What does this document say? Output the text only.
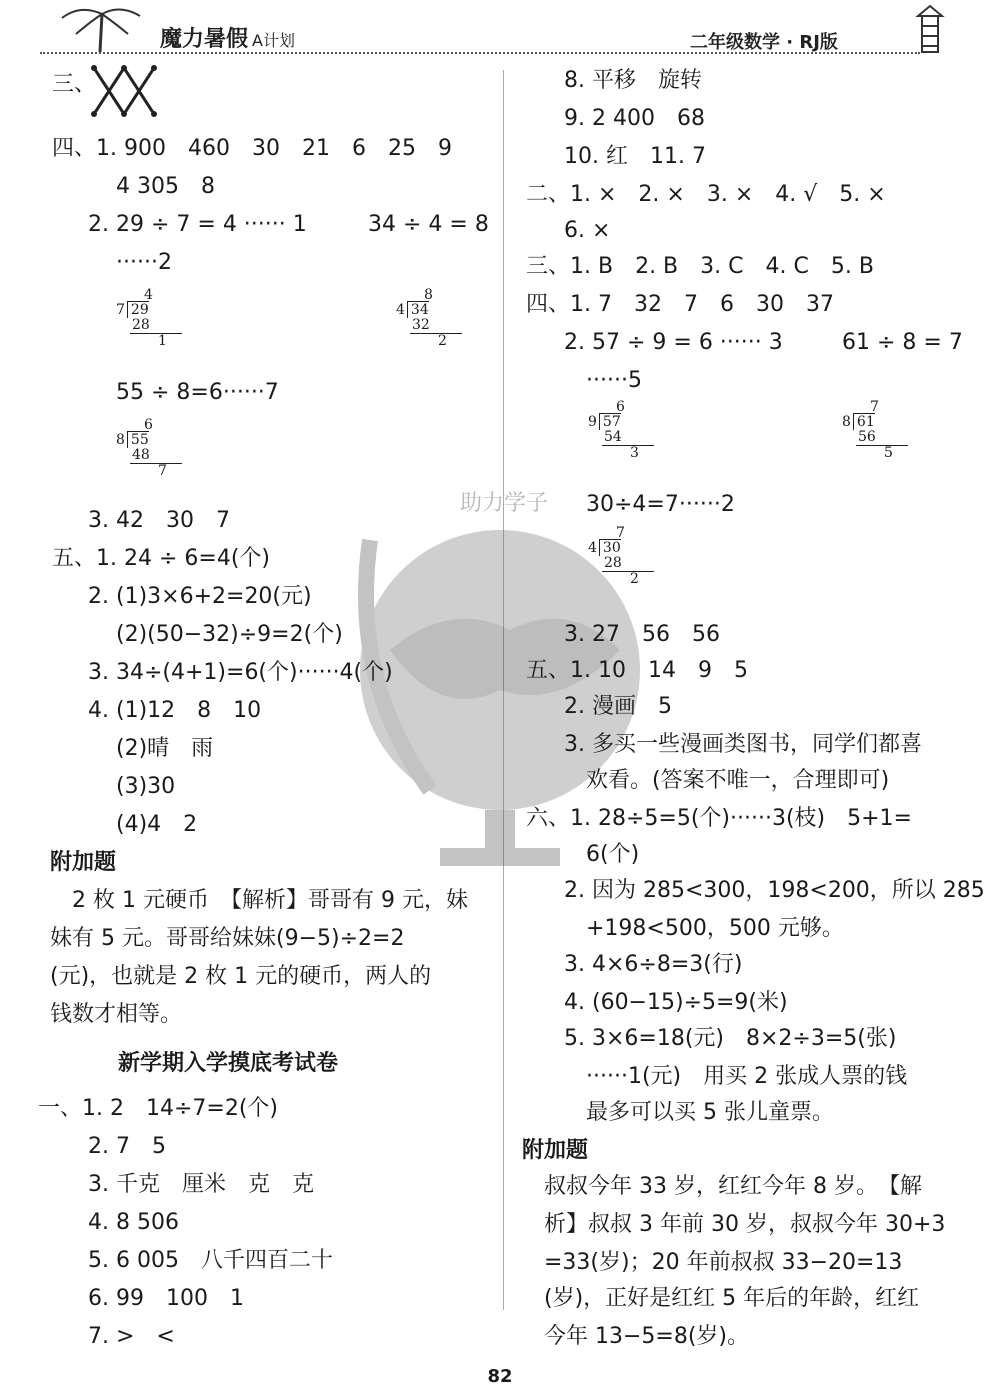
魔力暑假 A计划	二年级数学 · RJ版
助力学子
三、
四、1. 900　460　30　21　6　25　9
4 305　8
2. 29 ÷ 7 = 4 ······ 1	34 ÷ 4 = 8
······2
55 ÷ 8=6······7
3. 42　30　7
五、1. 24 ÷ 6=4(个)
2. (1)3×6+2=20(元)
(2)(50−32)÷9=2(个)
3. 34÷(4+1)=6(个)······4(个)
4. (1)12　8　10
(2)晴　雨
(3)30
(4)4　2
附加题
2 枚 1 元硬币　【解析】哥哥有 9 元，妹
妹有 5 元。哥哥给妹妹(9−5)÷2=2
(元)，也就是 2 枚 1 元的硬币，两人的
钱数才相等。
一、1. 2　14÷7=2(个)
2. 7　5
3. 千克　厘米　克　克
4. 8 506
5. 6 005　八千四百二十
6. 99　100　1
7. >　<
4
7 29
28
1
8
4 34
32
2
6
8 55
48
7
8. 平移　旋转
9. 2 400　68
10. 红　11. 7
二、1. ×　2. ×　3. ×　4. √　5. ×
6. ×
三、1. B　2. B　3. C　4. C　5. B
四、1. 7　32　7　6　30　37
2. 57 ÷ 9 = 6 ······ 3	61 ÷ 8 = 7
······5
30÷4=7······2
3. 27　56　56
五、1. 10　14　9　5
2. 漫画　5
3. 多买一些漫画类图书，同学们都喜
欢看。(答案不唯一，合理即可)
六、1. 28÷5=5(个)······3(枝)　5+1=
6(个)
2. 因为 285<300，198<200，所以 285
+198<500，500 元够。
3. 4×6÷8=3(行)
4. (60−15)÷5=9(米)
5. 3×6=18(元)　8×2÷3=5(张)
······1(元)　用买 2 张成人票的钱
最多可以买 5 张儿童票。
附加题
叔叔今年 33 岁，红红今年 8 岁。　【解
析】叔叔 3 年前 30 岁，叔叔今年 30+3
=33(岁)；20 年前叔叔 33−20=13
(岁)，正好是红红 5 年后的年龄，红红
今年 13−5=8(岁)。
6
9 57
54
3
7
8 61
56
5
7
4 30
28
2
新学期入学摸底考试卷
82
